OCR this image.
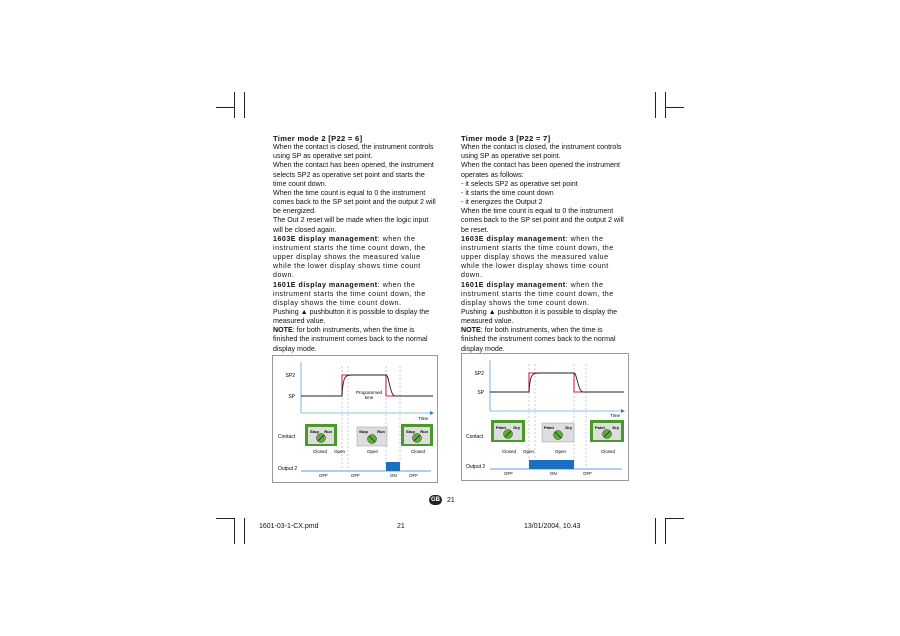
Timer mode 2 [P22 = 6]

When the contact is closed, the instrument controls using SP as operative set point.

When the contact has been opened, the instrument selects SP2 as operative set point and starts the time count down.

When the time count is equal to 0 the instrument comes back to the SP set point and the output 2 will be energized.

The Out 2 reset will be made when the logic input will be closed again.

1603E display management: when the instrument starts the time count down, the upper display shows the measured value while the lower display shows time count down.

1601E display management: when the instrument starts the time count down, the display shows the time count down.

Pushing ▲ pushbutton it is possible to display the measured value.

NOTE: for both instruments, when the time is finished the instrument comes back to the normal display mode.

Timer mode 3 [P22 = 7]

When the contact is closed, the instrument controls using SP as operative set point.

When the contact has been opened the instrument operates as follows:

- it selects SP2 as operative set point

- it starts the time count down

- it energizes the Output 2

When the time count is equal to 0 the instrument comes back to the SP set point and the output 2 will be reset.

1603E display management: when the instrument starts the time count down, the upper display shows the measured value while the lower display shows time count down.

1601E display management: when the instrument starts the time count down, the display shows the time count down.

Pushing ▲ pushbutton it is possible to display the measured value.

NOTE: for both instruments, when the time is finished the instrument comes back to the normal display mode.

SP2
SP
Time
Programmed
time
Stop Run	Stop Run	Stop Run
Contact
Closed Open	Open	Closed
Output 2
OFF	OFF	ON	OFF
SP2
SP
Time
Paint Dry	Paint	Dry	Paint Dry
Contact
Closed Open	Open	Closed
Output 2
OFF	ON	OFF
GB 21
1601-03-1-CX.pmd	21	13/01/2004, 10.43
